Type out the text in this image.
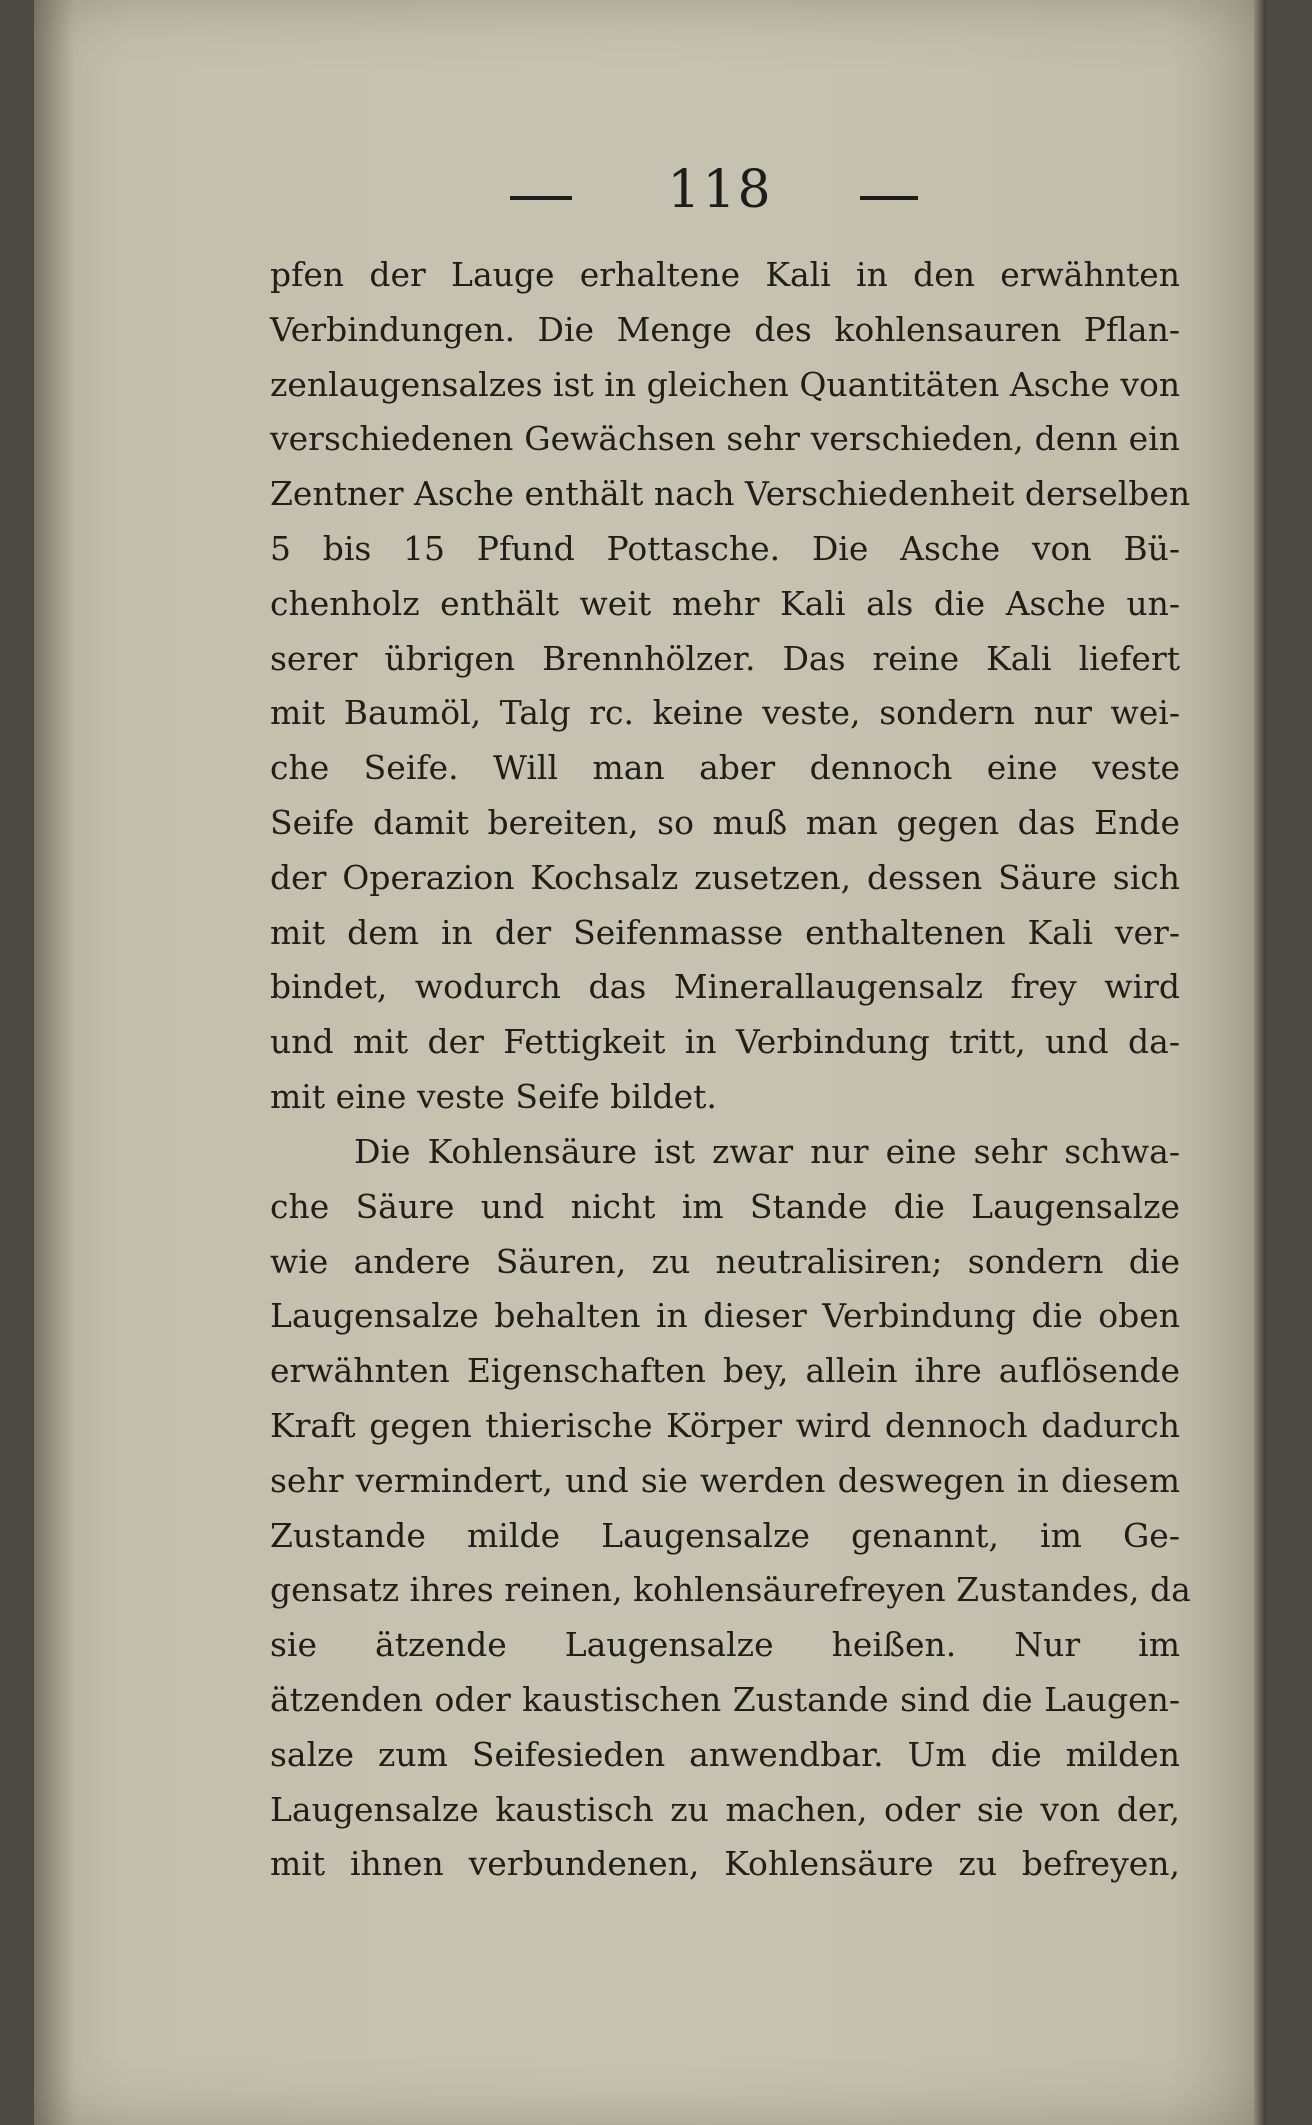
118
pfen der Lauge erhaltene Kali in den erwähnten
Verbindungen. Die Menge des kohlensauren Pflan-
zenlaugensalzes ist in gleichen Quantitäten Asche von
verschiedenen Gewächsen sehr verschieden, denn ein
Zentner Asche enthält nach Verschiedenheit derselben
5 bis 15 Pfund Pottasche. Die Asche von Bü-
chenholz enthält weit mehr Kali als die Asche un-
serer übrigen Brennhölzer. Das reine Kali liefert
mit Baumöl, Talg rc. keine veste, sondern nur wei-
che Seife. Will man aber dennoch eine veste
Seife damit bereiten, so muß man gegen das Ende
der Operazion Kochsalz zusetzen, dessen Säure sich
mit dem in der Seifenmasse enthaltenen Kali ver-
bindet, wodurch das Minerallaugensalz frey wird
und mit der Fettigkeit in Verbindung tritt, und da-
mit eine veste Seife bildet.
Die Kohlensäure ist zwar nur eine sehr schwa-
che Säure und nicht im Stande die Laugensalze
wie andere Säuren, zu neutralisiren; sondern die
Laugensalze behalten in dieser Verbindung die oben
erwähnten Eigenschaften bey, allein ihre auflösende
Kraft gegen thierische Körper wird dennoch dadurch
sehr vermindert, und sie werden deswegen in diesem
Zustande milde Laugensalze genannt, im Ge-
gensatz ihres reinen, kohlensäurefreyen Zustandes, da
sie ätzende Laugensalze heißen. Nur im
ätzenden oder kaustischen Zustande sind die Laugen-
salze zum Seifesieden anwendbar. Um die milden
Laugensalze kaustisch zu machen, oder sie von der,
mit ihnen verbundenen, Kohlensäure zu befreyen,
